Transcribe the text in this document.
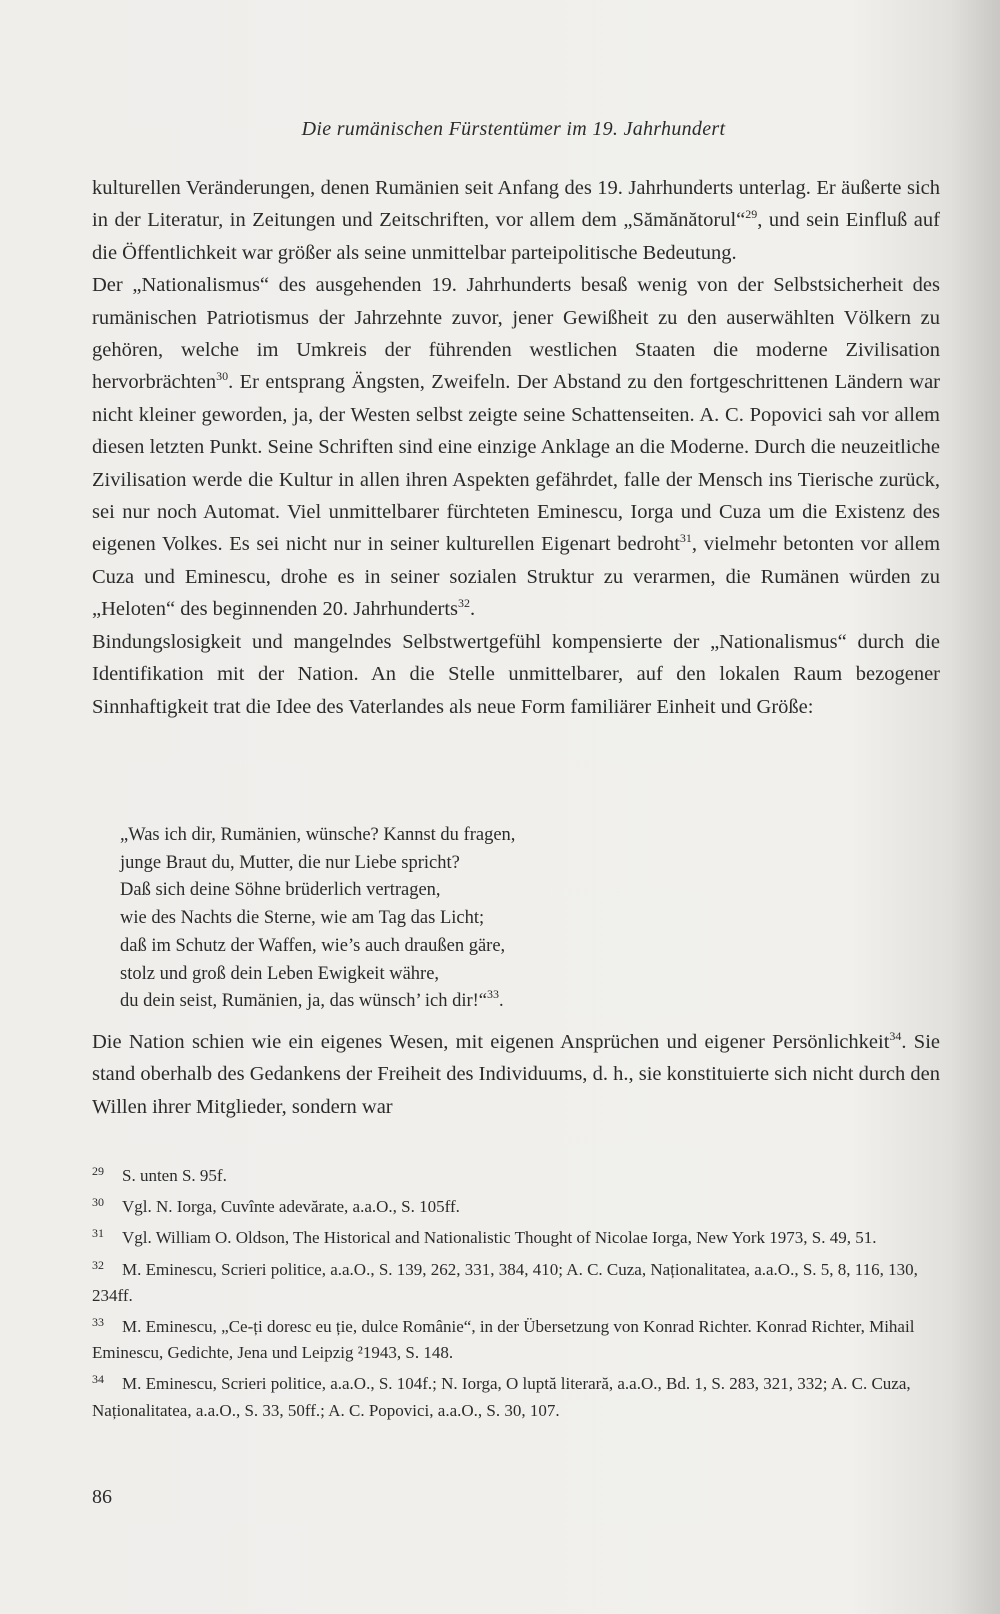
Die rumänischen Fürstentümer im 19. Jahrhundert

kulturellen Veränderungen, denen Rumänien seit Anfang des 19. Jahrhunderts unterlag. Er äußerte sich in der Literatur, in Zeitungen und Zeitschriften, vor allem dem „Sămănătorul“$^{29}$, und sein Einfluß auf die Öffentlichkeit war größer als seine unmittelbar parteipolitische Bedeutung.

Der „Nationalismus“ des ausgehenden 19. Jahrhunderts besaß wenig von der Selbstsicherheit des rumänischen Patriotismus der Jahrzehnte zuvor, jener Gewißheit zu den auserwählten Völkern zu gehören, welche im Umkreis der führenden westlichen Staaten die moderne Zivilisation hervorbrächten$^{30}$. Er entsprang Ängsten, Zweifeln. Der Abstand zu den fortgeschrittenen Ländern war nicht kleiner geworden, ja, der Westen selbst zeigte seine Schattenseiten. A. C. Popovici sah vor allem diesen letzten Punkt. Seine Schriften sind eine einzige Anklage an die Moderne. Durch die neuzeitliche Zivilisation werde die Kultur in allen ihren Aspekten gefährdet, falle der Mensch ins Tierische zurück, sei nur noch Automat. Viel unmittelbarer fürchteten Eminescu, Iorga und Cuza um die Existenz des eigenen Volkes. Es sei nicht nur in seiner kulturellen Eigenart bedroht$^{31}$, vielmehr betonten vor allem Cuza und Eminescu, drohe es in seiner sozialen Struktur zu verarmen, die Rumänen würden zu „Heloten“ des beginnenden 20. Jahrhunderts$^{32}$.

Bindungslosigkeit und mangelndes Selbstwertgefühl kompensierte der „Nationalismus“ durch die Identifikation mit der Nation. An die Stelle unmittelbarer, auf den lokalen Raum bezogener Sinnhaftigkeit trat die Idee des Vaterlandes als neue Form familiärer Einheit und Größe:

„Was ich dir, Rumänien, wünsche? Kannst du fragen,
junge Braut du, Mutter, die nur Liebe spricht?
Daß sich deine Söhne brüderlich vertragen,
wie des Nachts die Sterne, wie am Tag das Licht;
daß im Schutz der Waffen, wie’s auch draußen gäre,
stolz und groß dein Leben Ewigkeit währe,
du dein seist, Rumänien, ja, das wünsch’ ich dir!“$^{33}$.

Die Nation schien wie ein eigenes Wesen, mit eigenen Ansprüchen und eigener Persönlichkeit$^{34}$. Sie stand oberhalb des Gedankens der Freiheit des Individuums, d. h., sie konstituierte sich nicht durch den Willen ihrer Mitglieder, sondern war

29 S. unten S. 95f.

30 Vgl. N. Iorga, Cuvînte adevărate, a.a.O., S. 105ff.

31 Vgl. William O. Oldson, The Historical and Nationalistic Thought of Nicolae Iorga, New York 1973, S. 49, 51.

32 M. Eminescu, Scrieri politice, a.a.O., S. 139, 262, 331, 384, 410; A. C. Cuza, Naționalitatea, a.a.O., S. 5, 8, 116, 130, 234ff.

33 M. Eminescu, „Ce-ți doresc eu ție, dulce Românie“, in der Übersetzung von Konrad Richter. Konrad Richter, Mihail Eminescu, Gedichte, Jena und Leipzig ²1943, S. 148.

34 M. Eminescu, Scrieri politice, a.a.O., S. 104f.; N. Iorga, O luptă literară, a.a.O., Bd. 1, S. 283, 321, 332; A. C. Cuza, Naționalitatea, a.a.O., S. 33, 50ff.; A. C. Popovici, a.a.O., S. 30, 107.

86
